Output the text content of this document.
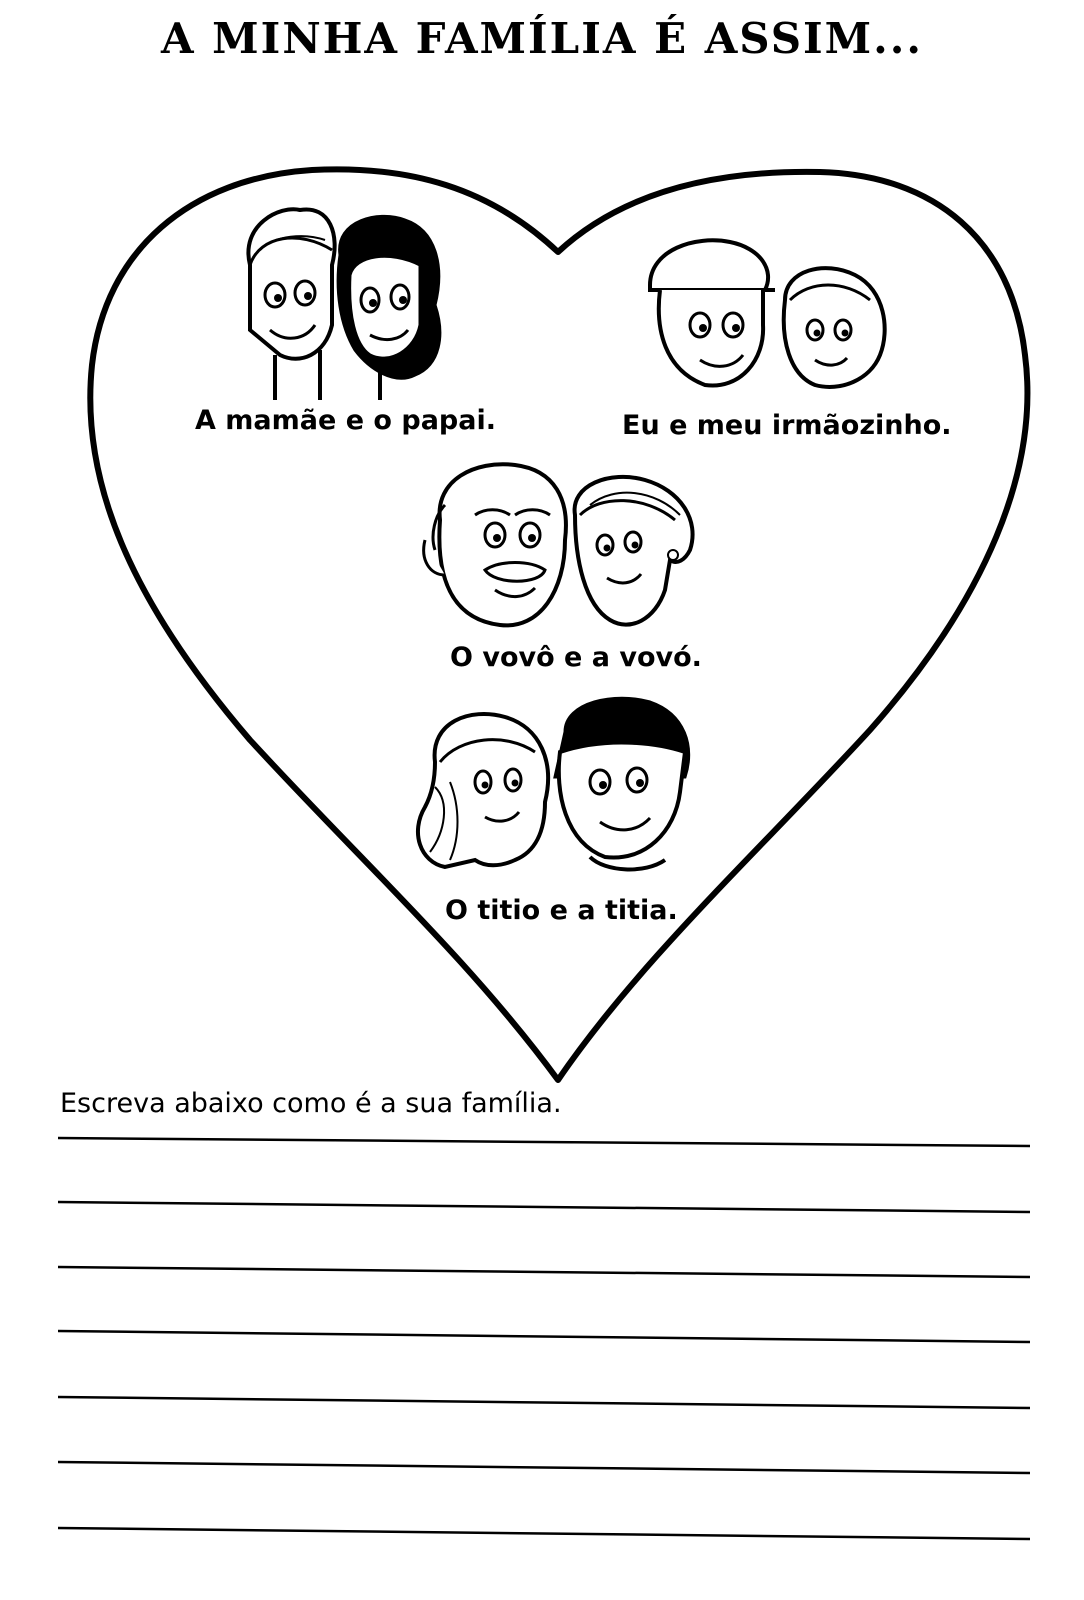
A MINHA FAMÍLIA É ASSIM...
A mamãe e o papai.	Eu e meu irmãozinho.
O vovô e a vovó.
O titio e a titia.

Escreva abaixo como é a sua família.
